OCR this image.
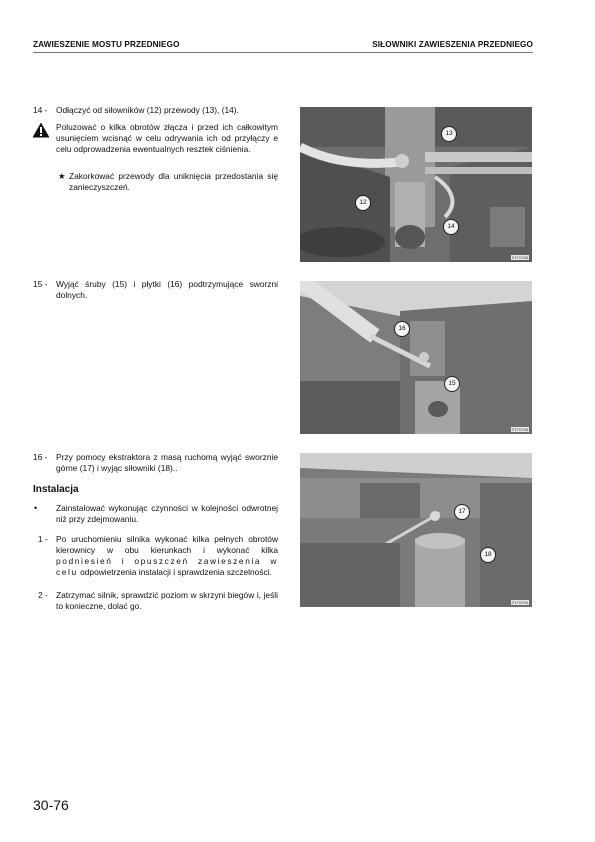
ZAWIESZENIE MOSTU PRZEDNIEGO	SIŁOWNIKI ZAWIESZENIA PRZEDNIEGO
14 - Odłączyć od siłowników (12) przewody (13), (14).
Poluzować o kilka obrotów złącza i przed ich całkowitym usunięciem wcisnąć w celu odrywania ich od przyłączy e celu odprowadzenia ewentualnych resztek ciśnienia.
★ Zakorkować przewody dla uniknięcia przedostania się zanieczyszczeń.
13
12
14
F1T0706
15 - Wyjąć śruby (15) i płytki (16) podtrzymujące sworzni dolnych.
16
15
F1T0708
16 - Przy pomocy ekstraktora z masą ruchomą wyjąć sworznie górne (17) i wyjąc siłowniki (18)..
Instalacja
• Zainstalować wykonując czynności w kolejności odwrotnej niż przy zdejmowaniu.
1 - Po uruchomieniu silnika wykonać kilka pełnych obrotów kierownicy w obu kierunkach i wykonać kilka podniesień i opuszczeń zawieszenia w celu odpowietrzenia instalacji i sprawdzenia szczelności.
2 - Zatrzymać silnik, sprawdzić poziom w skrzyni biegów i, jeśli to konieczne, dolać go.
17
18
F1T0709
30-76
